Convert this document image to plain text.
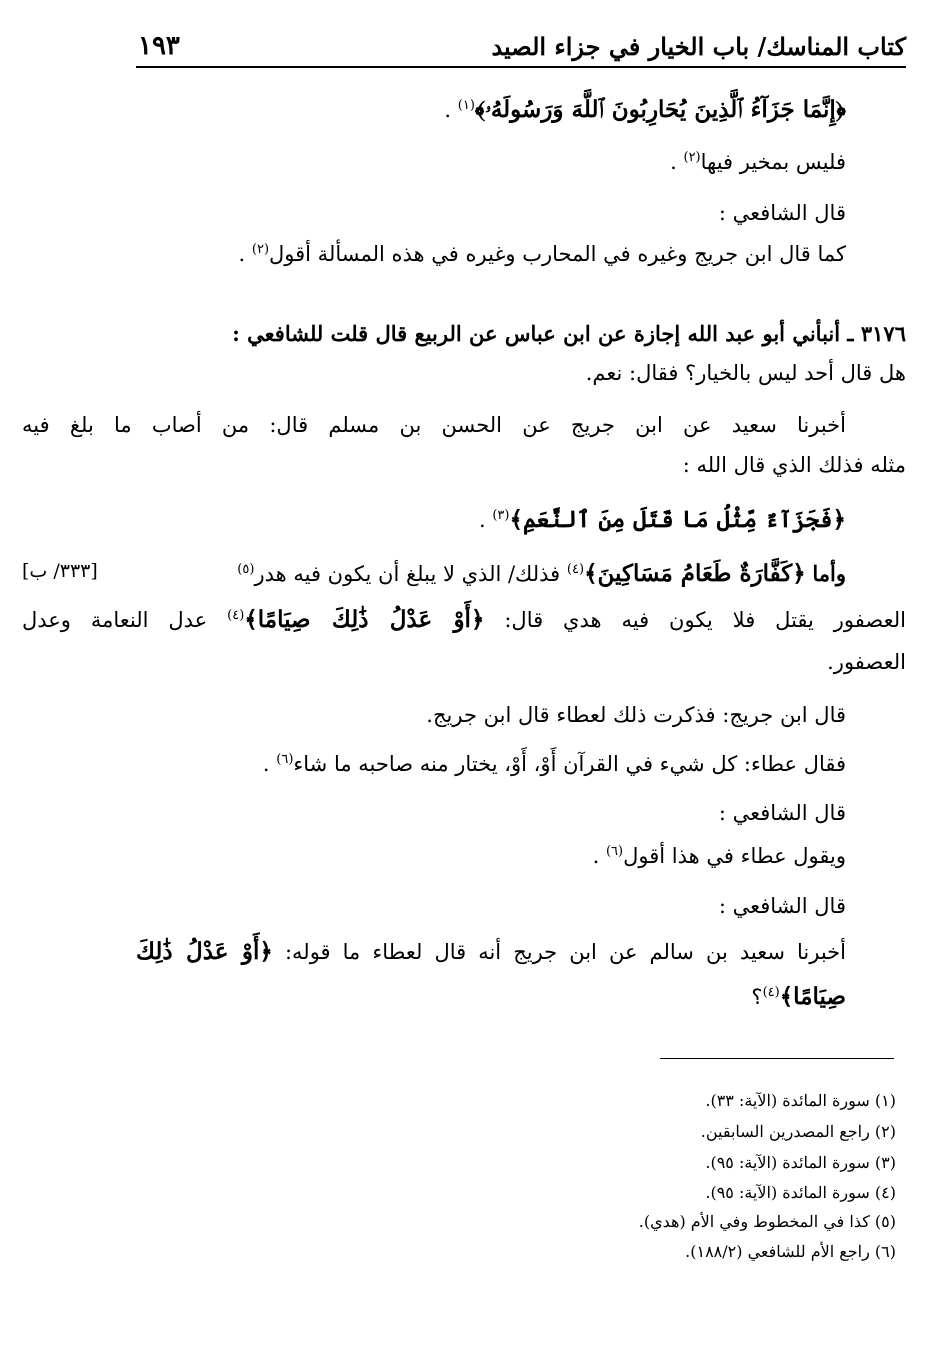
كتاب المناسك/ باب الخيار في جزاء الصيد
١٩٣
﴿إِنَّمَا جَزَآءُ ٱلَّذِينَ يُحَارِبُونَ ٱللَّهَ وَرَسُولَهُۥ﴾$^{(١)}$ .
فليس بمخير فيها$^{(٢)}$ .
قال الشافعي :
كما قال ابن جريج وغيره في المحارب وغيره في هذه المسألة أقول$^{(٢)}$ .
٣١٧٦ ـ أنبأني أبو عبد الله إجازة عن ابن عباس عن الربيع قال قلت للشافعي :
هل قال أحد ليس بالخيار؟ فقال: نعم.
أخبرنا سعيد عن ابن جريج عن الحسن بن مسلم قال: من أصاب ما بلغ فيه
مثله فذلك الذي قال الله :
﴿فَجَزَآءٌ مِّثْلُ مَا قَتَلَ مِنَ ٱلنَّعَمِ﴾$^{(٣)}$ .
وأما ﴿كَفَّارَةٌ طَعَامُ مَسَاكِينَ﴾$^{(٤)}$ فذلك/ الذي لا يبلغ أن يكون فيه هدر$^{(٥)}$
[٣٣٣/ ب]
العصفور يقتل فلا يكون فيه هدي قال: ﴿أَوْ عَدْلُ ذَٰلِكَ صِيَامًا﴾$^{(٤)}$ عدل النعامة وعدل
العصفور.
قال ابن جريج: فذكرت ذلك لعطاء قال ابن جريج.
فقال عطاء: كل شيء في القرآن أَوْ، أَوْ، يختار منه صاحبه ما شاء$^{(٦)}$ .
قال الشافعي :
ويقول عطاء في هذا أقول$^{(٦)}$ .
قال الشافعي :
أخبرنا سعيد بن سالم عن ابن جريج أنه قال لعطاء ما قوله: ﴿أَوْ عَدْلُ ذَٰلِكَ
صِيَامًا﴾$^{(٤)}$؟
(١) سورة المائدة (الآية: ٣٣).
(٢) راجع المصدرين السابقين.
(٣) سورة المائدة (الآية: ٩٥).
(٤) سورة المائدة (الآية: ٩٥).
(٥) كذا في المخطوط وفي الأم (هدي).
(٦) راجع الأم للشافعي (١٨٨/٢).
